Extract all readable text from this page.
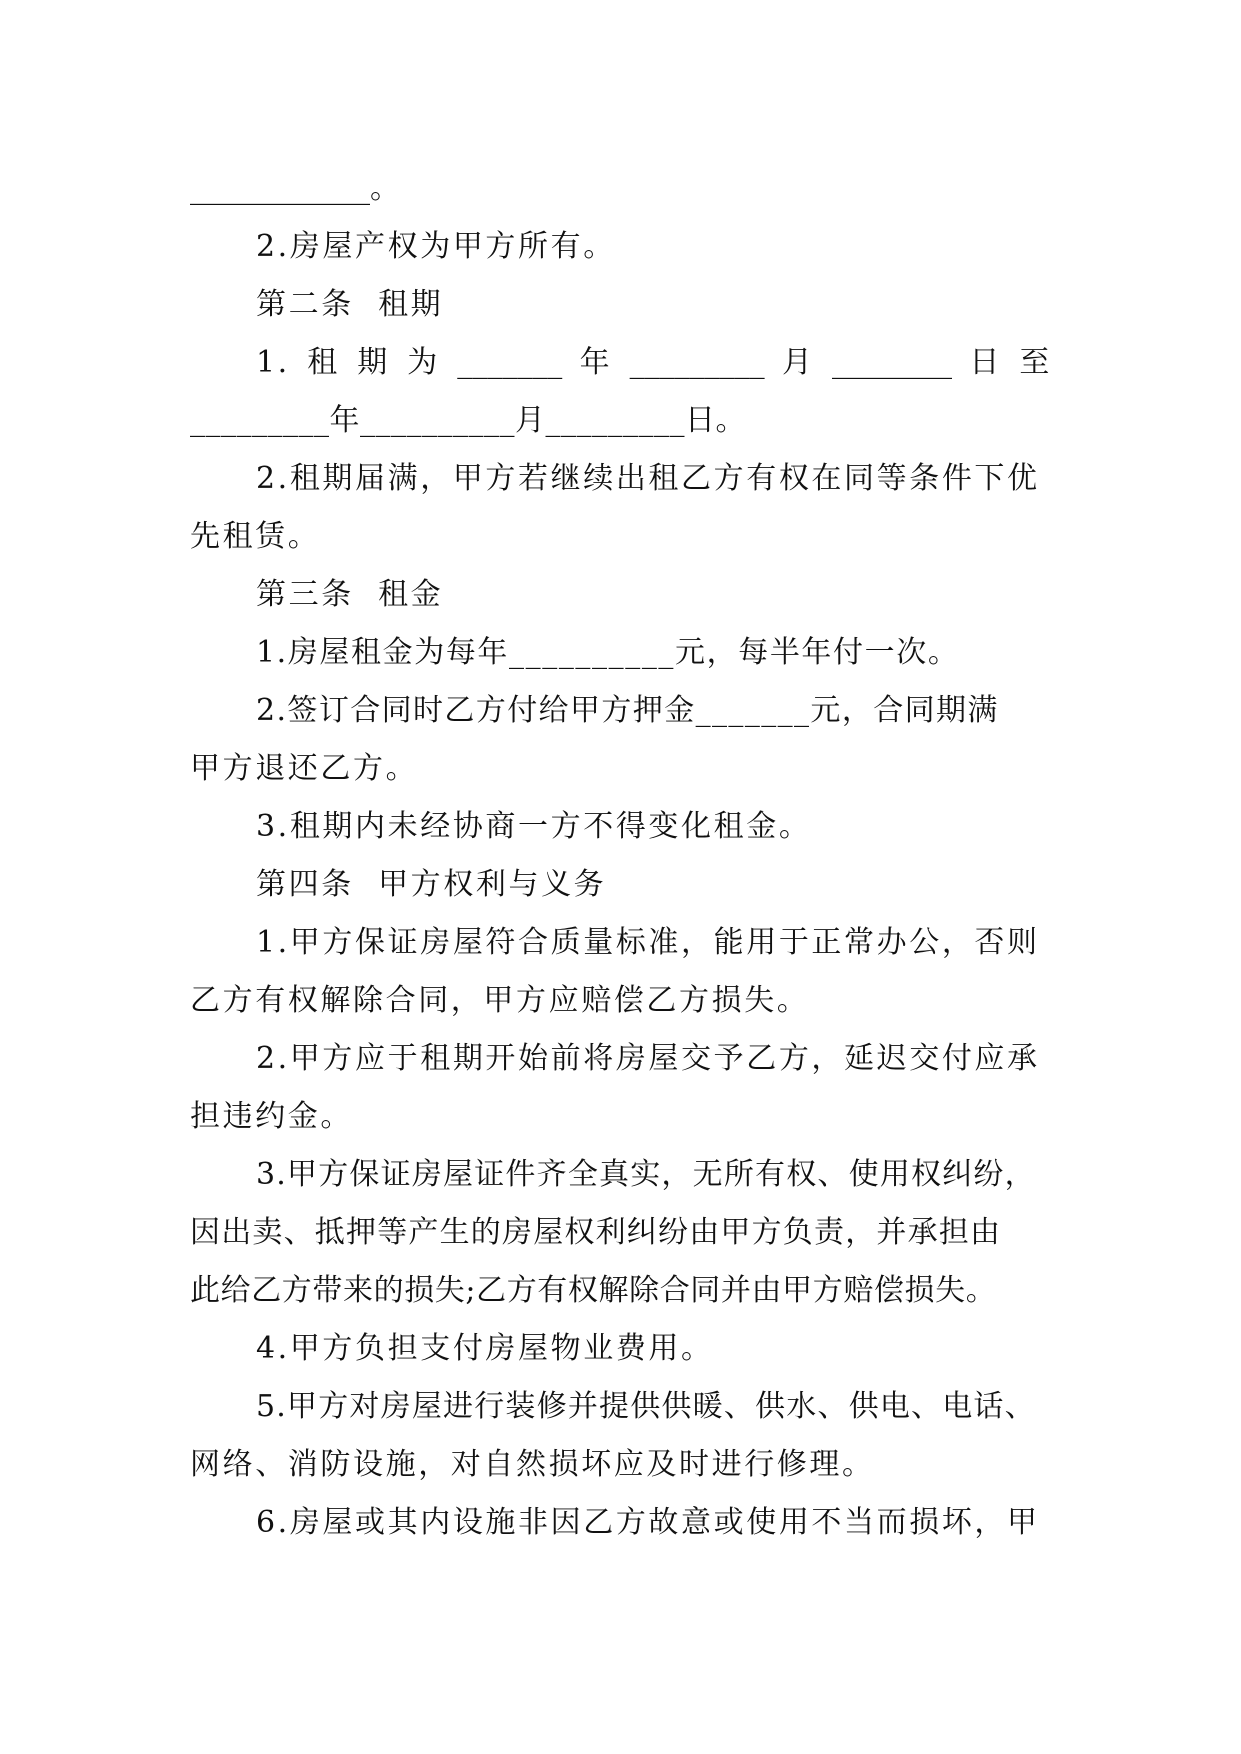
____________。
2.房屋产权为甲方所有。
第二条  租期
1. 租 期 为 _______ 年 _________ 月 ________ 日 至
_________年__________月_________日。
2.租期届满，甲方若继续出租乙方有权在同等条件下优
先租赁。
第三条  租金
1.房屋租金为每年__________元，每半年付一次。
2.签订合同时乙方付给甲方押金_______元，合同期满
甲方退还乙方。
3.租期内未经协商一方不得变化租金。
第四条  甲方权利与义务
1.甲方保证房屋符合质量标准，能用于正常办公，否则
乙方有权解除合同，甲方应赔偿乙方损失。
2.甲方应于租期开始前将房屋交予乙方，延迟交付应承
担违约金。
3.甲方保证房屋证件齐全真实，无所有权、使用权纠纷，
因出卖、抵押等产生的房屋权利纠纷由甲方负责，并承担由
此给乙方带来的损失;乙方有权解除合同并由甲方赔偿损失。
4.甲方负担支付房屋物业费用。
5.甲方对房屋进行装修并提供供暖、供水、供电、电话、
网络、消防设施，对自然损坏应及时进行修理。
6.房屋或其内设施非因乙方故意或使用不当而损坏，甲
